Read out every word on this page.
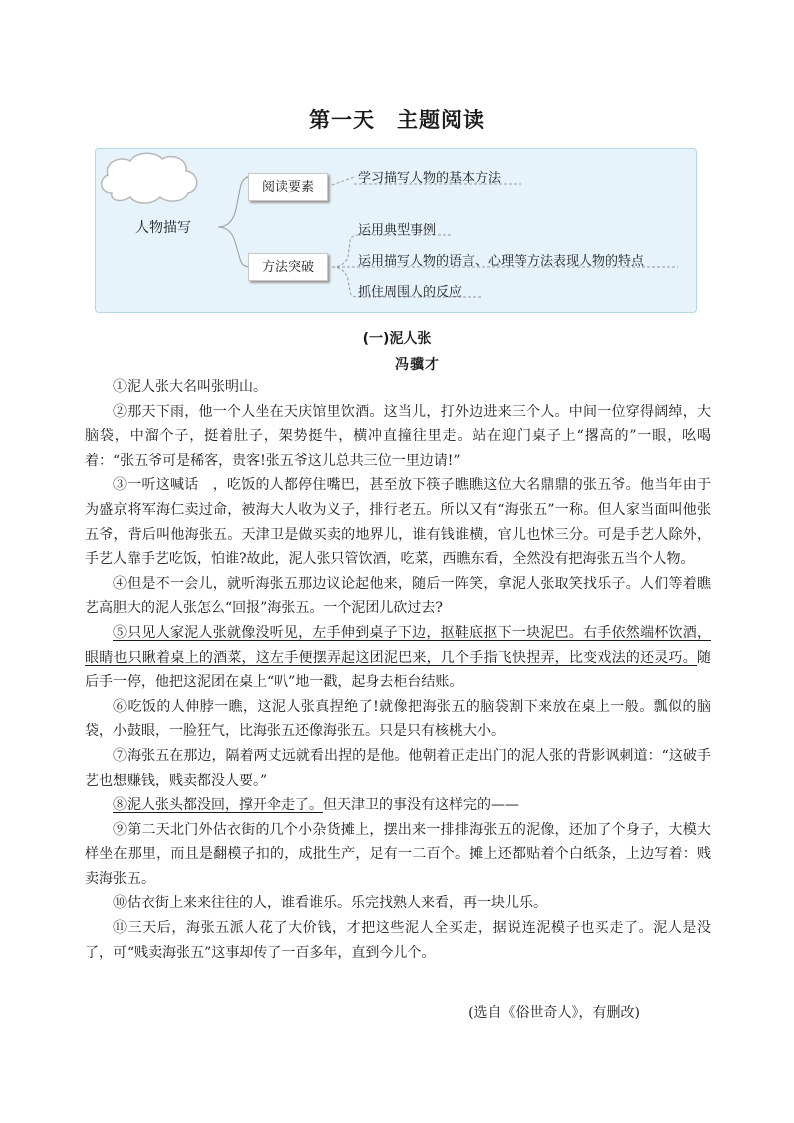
第一天　主题阅读
人物描写
阅读要素
方法突破
学习描写人物的基本方法
运用典型事例
运用描写人物的语言、心理等方法表现人物的特点
抓住周围人的反应
(一)泥人张
冯骥才

①泥人张大名叫张明山。

②那天下雨，他一个人坐在天庆馆里饮酒。这当儿，打外边进来三个人。中间一位穿得阔绰，大脑袋，中溜个子，挺着肚子，架势挺牛，横冲直撞往里走。站在迎门桌子上“撂高的”一眼，吆喝着：“张五爷可是稀客，贵客!张五爷这儿总共三位一里边请!”

③一听这喊话　，吃饭的人都停住嘴巴，甚至放下筷子瞧瞧这位大名鼎鼎的张五爷。他当年由于为盛京将军海仁卖过命，被海大人收为义子，排行老五。所以又有“海张五”一称。但人家当面叫他张五爷，背后叫他海张五。天津卫是做买卖的地界儿，谁有钱谁横，官儿也怵三分。可是手艺人除外，手艺人靠手艺吃饭，怕谁?故此，泥人张只管饮酒，吃菜，西瞧东看，全然没有把海张五当个人物。

④但是不一会儿，就听海张五那边议论起他来，随后一阵笑，拿泥人张取笑找乐子。人们等着瞧艺高胆大的泥人张怎么“回报”海张五。一个泥团儿砍过去?

⑤只见人家泥人张就像没听见，左手伸到桌子下边，抠鞋底抠下一块泥巴。右手依然端杯饮酒，眼睛也只瞅着桌上的酒菜，这左手便摆弄起这团泥巴来，几个手指飞快捏弄，比变戏法的还灵巧。随后手一停，他把这泥团在桌上“叭”地一戳，起身去柜台结账。

⑥吃饭的人伸脖一瞧，这泥人张真捏绝了!就像把海张五的脑袋割下来放在桌上一般。瓢似的脑袋，小鼓眼，一脸狂气，比海张五还像海张五。只是只有核桃大小。

⑦海张五在那边，隔着两丈远就看出捏的是他。他朝着正走出门的泥人张的背影讽刺道：“这破手艺也想赚钱，贱卖都没人要。”

⑧泥人张头都没回，撑开伞走了。但天津卫的事没有这样完的——

⑨第二天北门外估衣街的几个小杂货摊上，摆出来一排排海张五的泥像，还加了个身子，大模大样坐在那里，而且是翻模子扣的，成批生产，足有一二百个。摊上还都贴着个白纸条，上边写着：贱卖海张五。

⑩估衣街上来来往往的人，谁看谁乐。乐完找熟人来看，再一块儿乐。

⑪三天后，海张五派人花了大价钱，才把这些泥人全买走，据说连泥模子也买走了。泥人是没了，可“贱卖海张五”这事却传了一百多年，直到今儿个。

(选自《俗世奇人》，有删改)
